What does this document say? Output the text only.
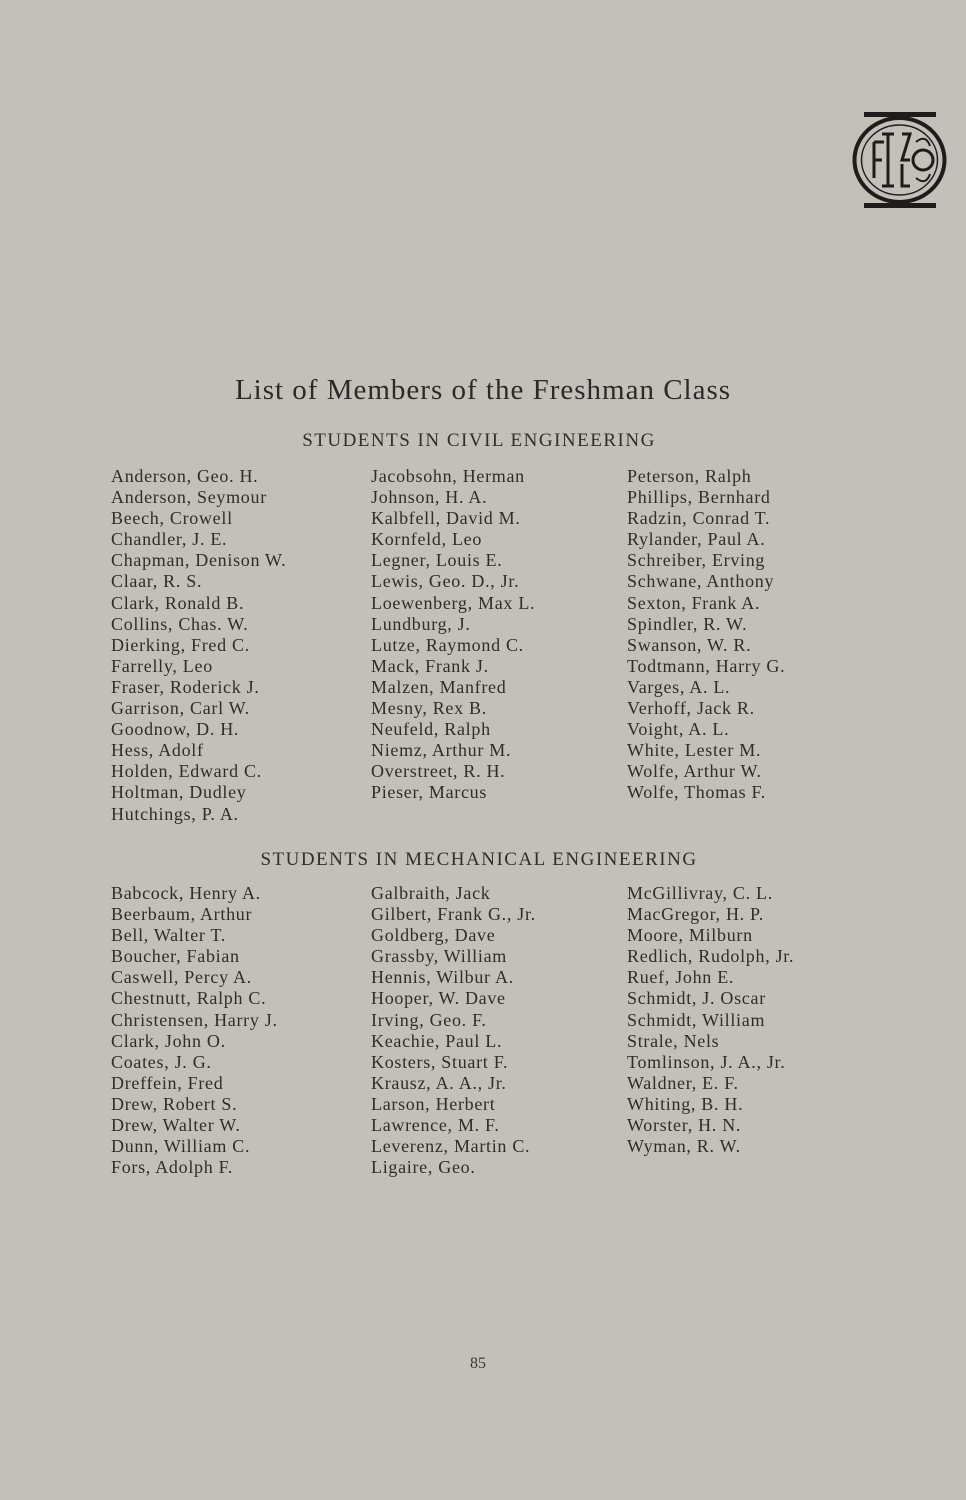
List of Members of the Freshman Class
STUDENTS IN CIVIL ENGINEERING
Anderson, Geo. H.
Anderson, Seymour
Beech, Crowell
Chandler, J. E.
Chapman, Denison W.
Claar, R. S.
Clark, Ronald B.
Collins, Chas. W.
Dierking, Fred C.
Farrelly, Leo
Fraser, Roderick J.
Garrison, Carl W.
Goodnow, D. H.
Hess, Adolf
Holden, Edward C.
Holtman, Dudley
Hutchings, P. A.
Jacobsohn, Herman
Johnson, H. A.
Kalbfell, David M.
Kornfeld, Leo
Legner, Louis E.
Lewis, Geo. D., Jr.
Loewenberg, Max L.
Lundburg, J.
Lutze, Raymond C.
Mack, Frank J.
Malzen, Manfred
Mesny, Rex B.
Neufeld, Ralph
Niemz, Arthur M.
Overstreet, R. H.
Pieser, Marcus
Peterson, Ralph
Phillips, Bernhard
Radzin, Conrad T.
Rylander, Paul A.
Schreiber, Erving
Schwane, Anthony
Sexton, Frank A.
Spindler, R. W.
Swanson, W. R.
Todtmann, Harry G.
Varges, A. L.
Verhoff, Jack R.
Voight, A. L.
White, Lester M.
Wolfe, Arthur W.
Wolfe, Thomas F.
STUDENTS IN MECHANICAL ENGINEERING
Babcock, Henry A.
Beerbaum, Arthur
Bell, Walter T.
Boucher, Fabian
Caswell, Percy A.
Chestnutt, Ralph C.
Christensen, Harry J.
Clark, John O.
Coates, J. G.
Dreffein, Fred
Drew, Robert S.
Drew, Walter W.
Dunn, William C.
Fors, Adolph F.
Galbraith, Jack
Gilbert, Frank G., Jr.
Goldberg, Dave
Grassby, William
Hennis, Wilbur A.
Hooper, W. Dave
Irving, Geo. F.
Keachie, Paul L.
Kosters, Stuart F.
Krausz, A. A., Jr.
Larson, Herbert
Lawrence, M. F.
Leverenz, Martin C.
Ligaire, Geo.
McGillivray, C. L.
MacGregor, H. P.
Moore, Milburn
Redlich, Rudolph, Jr.
Ruef, John E.
Schmidt, J. Oscar
Schmidt, William
Strale, Nels
Tomlinson, J. A., Jr.
Waldner, E. F.
Whiting, B. H.
Worster, H. N.
Wyman, R. W.
85
